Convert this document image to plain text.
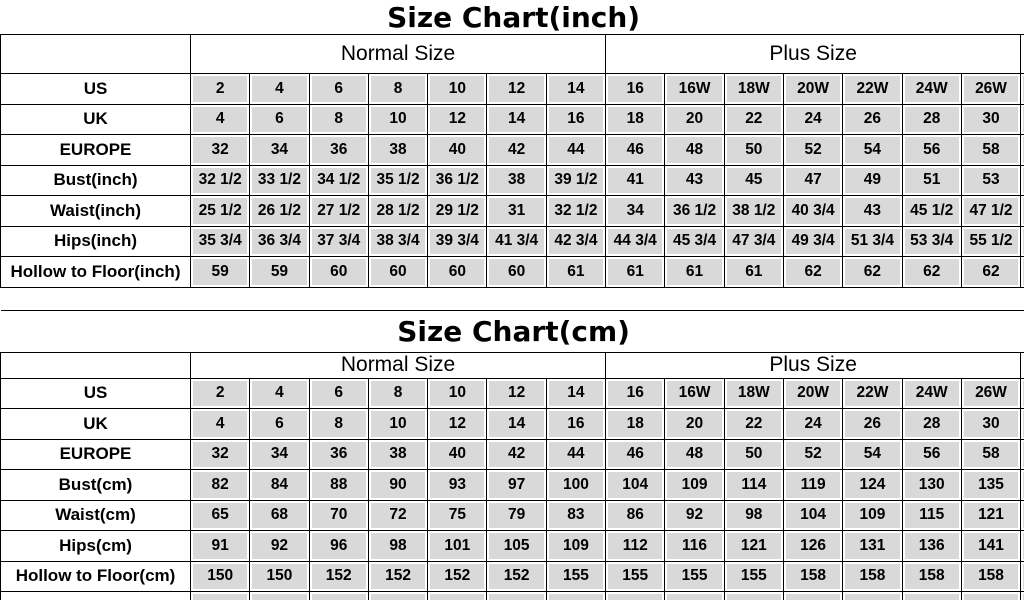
Size Chart(inch)															
	Normal Size							Plus Size							
US	2	4	6	8	10	12	14	16	16W	18W	20W	22W	24W	26W	
UK	4	6	8	10	12	14	16	18	20	22	24	26	28	30	
EUROPE	32	34	36	38	40	42	44	46	48	50	52	54	56	58	
Bust(inch)	32 1/2	33 1/2	34 1/2	35 1/2	36 1/2	38	39 1/2	41	43	45	47	49	51	53	
Waist(inch)	25 1/2	26 1/2	27 1/2	28 1/2	29 1/2	31	32 1/2	34	36 1/2	38 1/2	40 3/4	43	45 1/2	47 1/2	
Hips(inch)	35 3/4	36 3/4	37 3/4	38 3/4	39 3/4	41 3/4	42 3/4	44 3/4	45 3/4	47 3/4	49 3/4	51 3/4	53 3/4	55 1/2	
Hollow to Floor(inch)	59	59	60	60	60	60	61	61	61	61	62	62	62	62	
Size Chart(cm)															
	Normal Size							Plus Size							
US	2	4	6	8	10	12	14	16	16W	18W	20W	22W	24W	26W	
UK	4	6	8	10	12	14	16	18	20	22	24	26	28	30	
EUROPE	32	34	36	38	40	42	44	46	48	50	52	54	56	58	
Bust(cm)	82	84	88	90	93	97	100	104	109	114	119	124	130	135	
Waist(cm)	65	68	70	72	75	79	83	86	92	98	104	109	115	121	
Hips(cm)	91	92	96	98	101	105	109	112	116	121	126	131	136	141	
Hollow to Floor(cm)	150	150	152	152	152	152	155	155	155	155	158	158	158	158	
